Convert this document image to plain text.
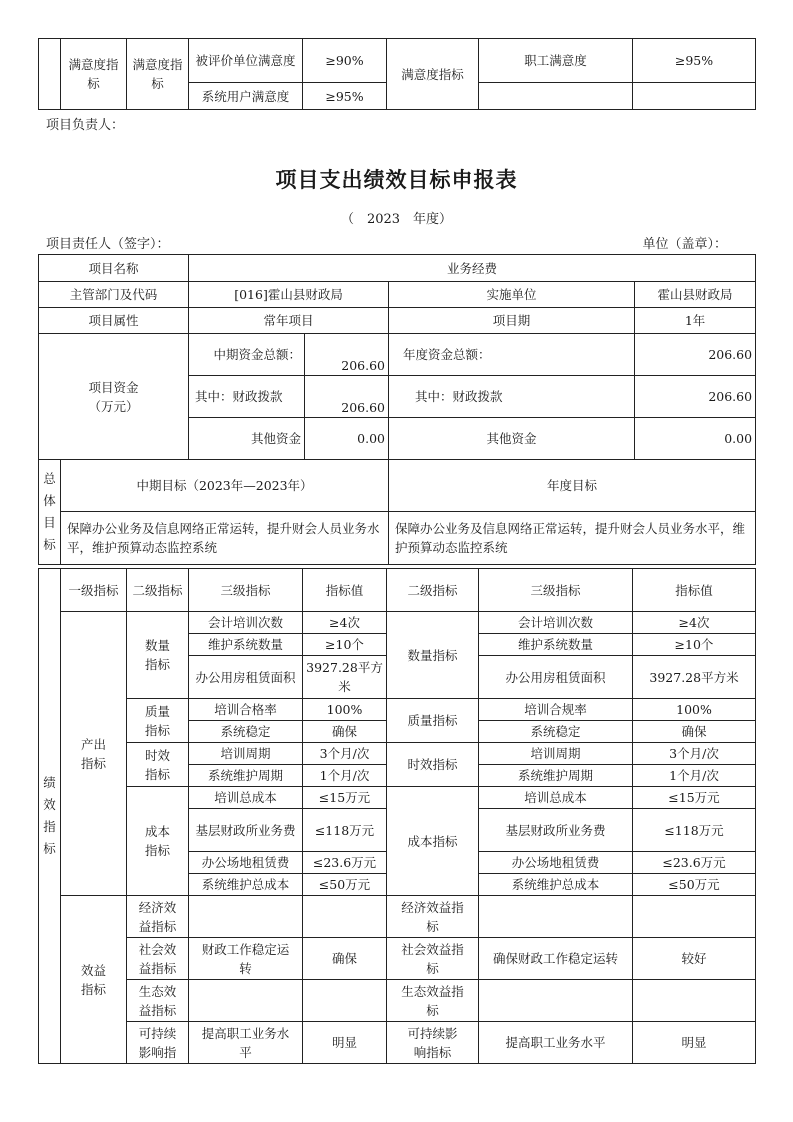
	满意度指标	满意度指标	被评价单位满意度	≥90%	满意度指标	职工满意度	≥95%
			系统用户满意度	≥95%			
项目负责人：
项目支出绩效目标申报表
（　2023　年度）
项目责任人（签字）：	单位（盖章）：
项目名称		业务经费			
主管部门及代码		[016]霍山县财政局		实施单位	霍山县财政局
项目属性		常年项目		项目期	1年
项目资金（万元）		中期资金总额：	206.60	年度资金总额：	206.60
		其中：财政拨款	206.60	其中：财政拨款	206.60
		其他资金	0.00	其他资金	0.00
总体目标	中期目标（2023年—2023年）			年度目标	
	保障办公业务及信息网络正常运转，提升财会人员业务水平，维护预算动态监控系统			保障办公业务及信息网络正常运转，提升财会人员业务水平，维护预算动态监控系统	
绩效指标	一级指标	二级指标	三级指标	指标值	二级指标	三级指标	指标值
	产出指标	数量指标	会计培训次数	≥4次	数量指标	会计培训次数	≥4次
			维护系统数量	≥10个		维护系统数量	≥10个
			办公用房租赁面积	3927.28平方米		办公用房租赁面积	3927.28平方米
		质量指标	培训合格率	100%	质量指标	培训合规率	100%
			系统稳定	确保		系统稳定	确保
		时效指标	培训周期	3个月/次	时效指标	培训周期	3个月/次
			系统维护周期	1个月/次		系统维护周期	1个月/次
		成本指标	培训总成本	≤15万元	成本指标	培训总成本	≤15万元
			基层财政所业务费	≤118万元		基层财政所业务费	≤118万元
			办公场地租赁费	≤23.6万元		办公场地租赁费	≤23.6万元
			系统维护总成本	≤50万元		系统维护总成本	≤50万元
	效益指标	经济效益指标			经济效益指标		
		社会效益指标	财政工作稳定运转	确保	社会效益指标	确保财政工作稳定运转	较好
		生态效益指标			生态效益指标		
		可持续影响指	提高职工业务水平	明显	可持续影响指标	提高职工业务水平	明显
